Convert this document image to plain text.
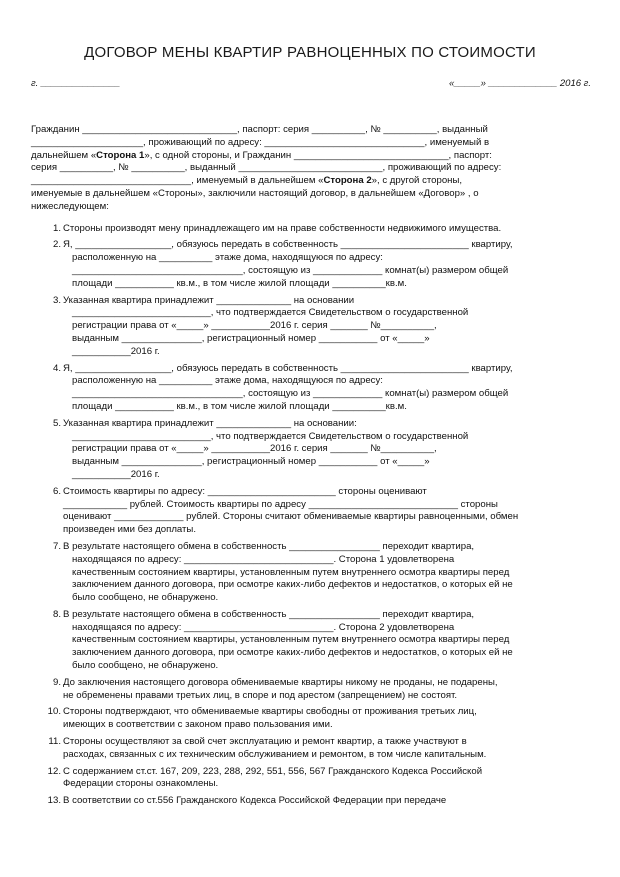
ДОГОВОР МЕНЫ КВАРТИР РАВНОЦЕННЫХ ПО СТОИМОСТИ
г. _______________	«_____» _____________ 2016 г.

Гражданин _____________________________, паспорт: серия __________, № __________, выданный

_____________________, проживающий по адресу: ______________________________, именуемый в

дальнейшем «Сторона 1», с одной стороны, и Гражданин _____________________________, паспорт:

серия __________, № __________, выданный ___________________________, проживающий по адресу:

______________________________, именуемый в дальнейшем «Сторона 2», с другой стороны,

именуемые в дальнейшем «Стороны», заключили настоящий договор, в дальнейшем «Договор» , о

нижеследующем:

1. Стороны производят мену принадлежащего им на праве собственности недвижимого имущества.

2. Я, __________________, обязуюсь передать в собственность ________________________ квартиру,

расположенную на __________ этаже дома, находящуюся по адресу:

________________________________, состоящую из _____________ комнат(ы) размером общей

площади ___________ кв.м., в том числе жилой площади __________кв.м.

3. Указанная квартира принадлежит ______________ на основании

__________________________, что подтверждается Свидетельством о государственной

регистрации права от «_____» ___________2016 г. серия _______ №__________,

выданным _______________, регистрационный номер ___________ от «_____»

___________2016 г.

4. Я, __________________, обязуюсь передать в собственность ________________________ квартиру,

расположенную на __________ этаже дома, находящуюся по адресу:

________________________________, состоящую из _____________ комнат(ы) размером общей

площади ___________ кв.м., в том числе жилой площади __________кв.м.

5. Указанная квартира принадлежит ______________ на основании:

__________________________, что подтверждается Свидетельством о государственной

регистрации права от «_____» ___________2016 г. серия _______ №__________,

выданным _______________, регистрационный номер ___________ от «_____»

___________2016 г.

6. Стоимость квартиры по адресу: ________________________ стороны оценивают

____________ рублей. Стоимость квартиры по адресу ____________________________ стороны

оценивают _____________ рублей. Стороны считают обмениваемые квартиры равноценными, обмен

произведен ими без доплаты.

7. В результате настоящего обмена в собственность _________________ переходит квартира,

находящаяся по адресу: ____________________________. Сторона 1 удовлетворена

качественным состоянием квартиры, установленным путем внутреннего осмотра квартиры перед

заключением данного договора, при осмотре каких-либо дефектов и недостатков, о которых ей не

было сообщено, не обнаружено.

8. В результате настоящего обмена в собственность _________________ переходит квартира,

находящаяся по адресу: ____________________________. Сторона 2 удовлетворена

качественным состоянием квартиры, установленным путем внутреннего осмотра квартиры перед

заключением данного договора, при осмотре каких-либо дефектов и недостатков, о которых ей не

было сообщено, не обнаружено.

9. До заключения настоящего договора обмениваемые квартиры никому не проданы, не подарены,

не обременены правами третьих лиц, в споре и под арестом (запрещением) не состоят.

10. Стороны подтверждают, что обмениваемые квартиры свободны от проживания третьих лиц,

имеющих в соответствии с законом право пользования ими.

11. Стороны осуществляют за свой счет эксплуатацию и ремонт квартир, а также участвуют в

расходах, связанных с их техническим обслуживанием и ремонтом, в том числе капитальным.

12. С содержанием ст.ст. 167, 209, 223, 288, 292, 551, 556, 567 Гражданского Кодекса Российской

Федерации стороны ознакомлены.

13. В соответствии со ст.556 Гражданского Кодекса Российской Федерации при передаче
